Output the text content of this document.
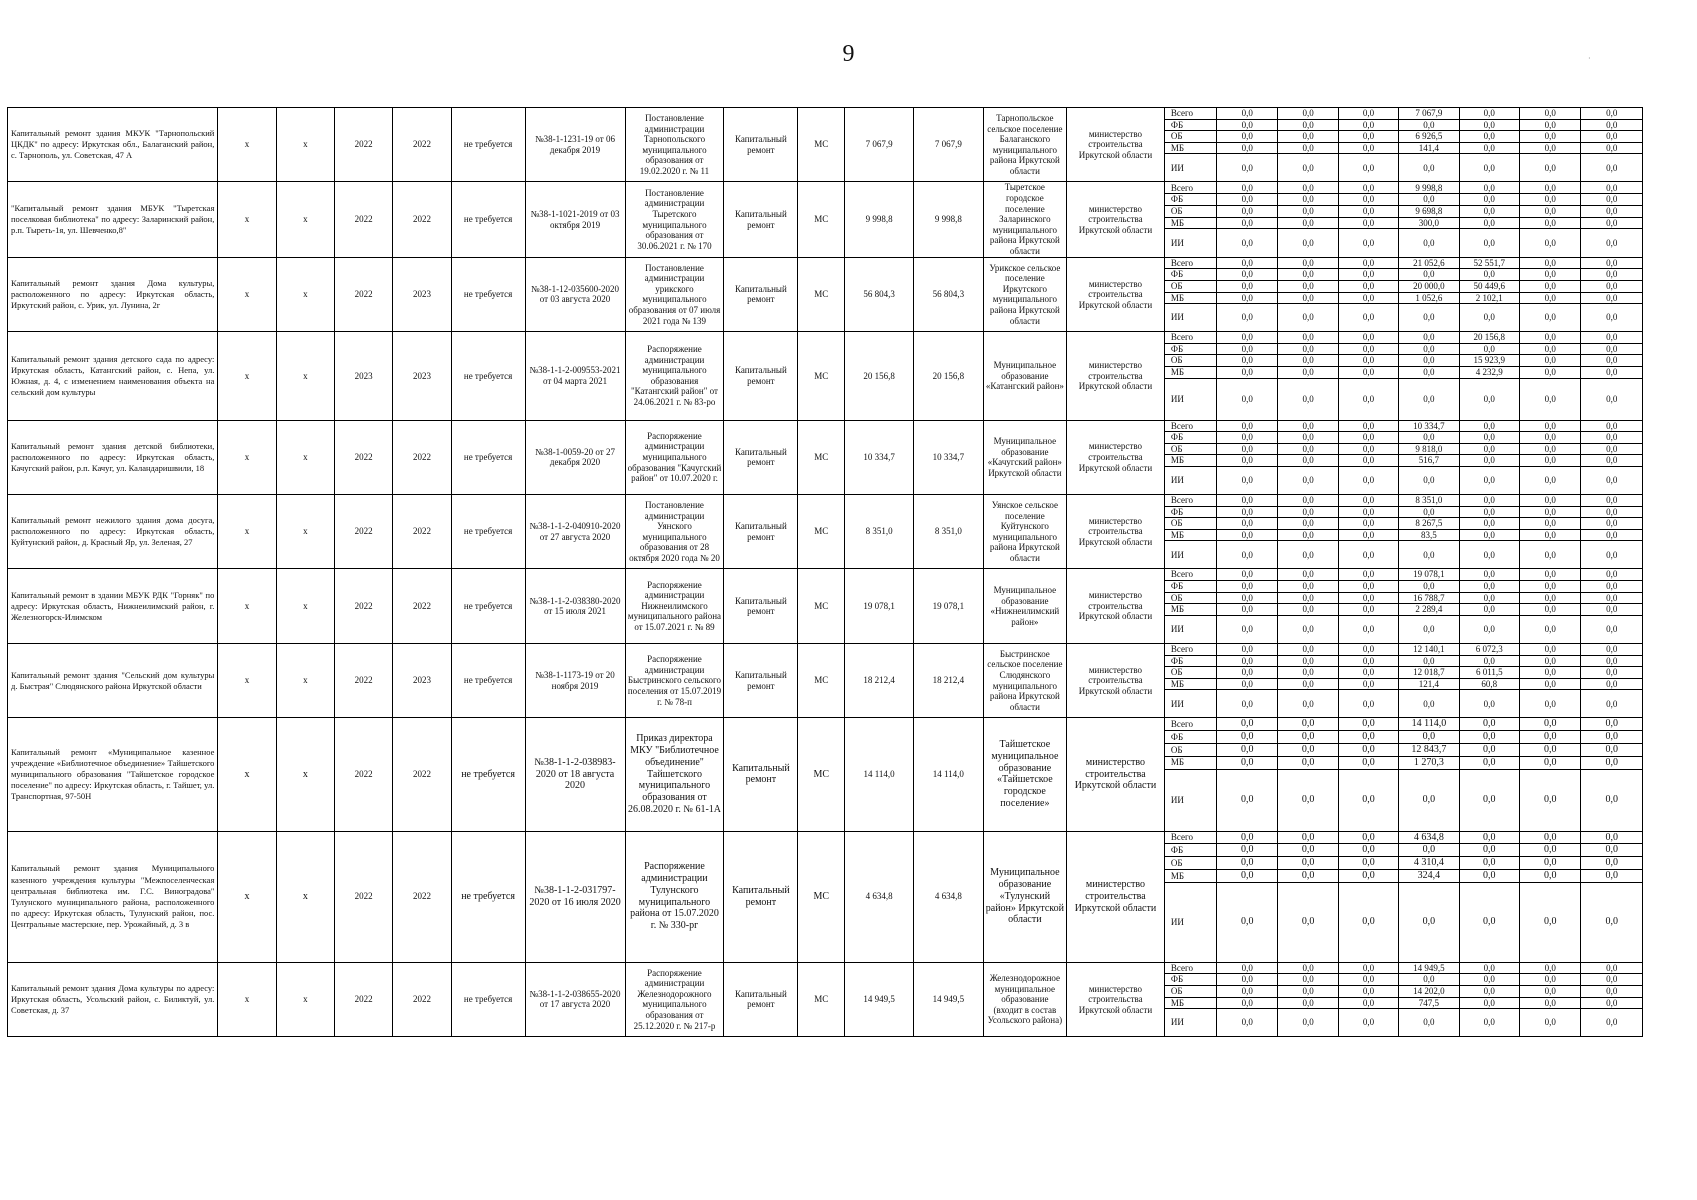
9	·
Капитальный ремонт здания МКУК "Тарнопольский ЦКДК" по адресу: Иркутская обл., Балаганский район, с. Тарнополь, ул. Советская, 47 А	x	x	2022	2022	не требуется	№38-1-1231-19 от 06 декабря 2019	Постановление администрации Тарнопольского муниципального образования от 19.02.2020 г. № 11	Капитальный ремонт	МС	7 067,9	7 067,9	Тарнопольское сельское поселение Балаганского муниципального района Иркутской области	министерство строительства Иркутской области	Всего	0,0	0,0	0,0	7 067,9	0,0	0,0	0,0
														ФБ	0,0	0,0	0,0	0,0	0,0	0,0	0,0
														ОБ	0,0	0,0	0,0	6 926,5	0,0	0,0	0,0
														МБ	0,0	0,0	0,0	141,4	0,0	0,0	0,0
														ИИ	0,0	0,0	0,0	0,0	0,0	0,0	0,0
"Капитальный ремонт здания МБУК "Тыретская поселковая библиотека" по адресу: Заларинский район, р.п. Тыреть-1я, ул. Шевченко,8"	x	x	2022	2022	не требуется	№38-1-1021-2019 от 03 октября 2019	Постановление администрации Тыретского муниципального образования от 30.06.2021 г. № 170	Капитальный ремонт	МС	9 998,8	9 998,8	Тыретское городское поселение Заларинского муниципального района Иркутской области	министерство строительства Иркутской области	Всего	0,0	0,0	0,0	9 998,8	0,0	0,0	0,0
														ФБ	0,0	0,0	0,0	0,0	0,0	0,0	0,0
														ОБ	0,0	0,0	0,0	9 698,8	0,0	0,0	0,0
														МБ	0,0	0,0	0,0	300,0	0,0	0,0	0,0
														ИИ	0,0	0,0	0,0	0,0	0,0	0,0	0,0
Капитальный ремонт здания Дома культуры, расположенного по адресу: Иркутская область, Иркутский район, с. Урик, ул. Лунина, 2г	x	x	2022	2023	не требуется	№38-1-12-035600-2020 от 03 августа 2020	Постановление администрации урикского муниципального образования от 07 июля 2021 года № 139	Капитальный ремонт	МС	56 804,3	56 804,3	Урикское сельское поселение Иркутского муниципального района Иркутской области	министерство строительства Иркутской области	Всего	0,0	0,0	0,0	21 052,6	52 551,7	0,0	0,0
														ФБ	0,0	0,0	0,0	0,0	0,0	0,0	0,0
														ОБ	0,0	0,0	0,0	20 000,0	50 449,6	0,0	0,0
														МБ	0,0	0,0	0,0	1 052,6	2 102,1	0,0	0,0
														ИИ	0,0	0,0	0,0	0,0	0,0	0,0	0,0
Капитальный ремонт здания детского сада по адресу: Иркутская область, Катангский район, с. Непа, ул. Южная, д. 4, с изменением наименования объекта на сельский дом культуры	x	x	2023	2023	не требуется	№38-1-1-2-009553-2021 от 04 марта 2021	Распоряжение администрации муниципального образования "Катангский район" от 24.06.2021 г. № 83-ро	Капитальный ремонт	МС	20 156,8	20 156,8	Муниципальное образование «Катангский район»	министерство строительства Иркутской области	Всего	0,0	0,0	0,0	0,0	20 156,8	0,0	0,0
														ФБ	0,0	0,0	0,0	0,0	0,0	0,0	0,0
														ОБ	0,0	0,0	0,0	0,0	15 923,9	0,0	0,0
														МБ	0,0	0,0	0,0	0,0	4 232,9	0,0	0,0
														ИИ	0,0	0,0	0,0	0,0	0,0	0,0	0,0
Капитальный ремонт здания детской библиотеки, расположенного по адресу: Иркутская область, Качугский район, р.п. Качуг, ул. Каландаришвили, 18	x	x	2022	2022	не требуется	№38-1-0059-20 от 27 декабря 2020	Распоряжение администрации муниципального образования "Качугский район" от 10.07.2020 г.	Капитальный ремонт	МС	10 334,7	10 334,7	Муниципальное образование «Качугский район» Иркутской области	министерство строительства Иркутской области	Всего	0,0	0,0	0,0	10 334,7	0,0	0,0	0,0
														ФБ	0,0	0,0	0,0	0,0	0,0	0,0	0,0
														ОБ	0,0	0,0	0,0	9 818,0	0,0	0,0	0,0
														МБ	0,0	0,0	0,0	516,7	0,0	0,0	0,0
														ИИ	0,0	0,0	0,0	0,0	0,0	0,0	0,0
Капитальный ремонт нежилого здания дома досуга, расположенного по адресу: Иркутская область, Куйтунский район, д. Красный Яр, ул. Зеленая, 27	x	x	2022	2022	не требуется	№38-1-1-2-040910-2020 от 27 августа 2020	Постановление администрации Уянского муниципального образования от 28 октября 2020 года № 20	Капитальный ремонт	МС	8 351,0	8 351,0	Уянское сельское поселение Куйтунского муниципального района Иркутской области	министерство строительства Иркутской области	Всего	0,0	0,0	0,0	8 351,0	0,0	0,0	0,0
														ФБ	0,0	0,0	0,0	0,0	0,0	0,0	0,0
														ОБ	0,0	0,0	0,0	8 267,5	0,0	0,0	0,0
														МБ	0,0	0,0	0,0	83,5	0,0	0,0	0,0
														ИИ	0,0	0,0	0,0	0,0	0,0	0,0	0,0
Капитальный ремонт в здании МБУК РДК "Горняк" по адресу: Иркутская область, Нижнеилимский район, г. Железногорск-Илимском	x	x	2022	2022	не требуется	№38-1-1-2-038380-2020 от 15 июля 2021	Распоряжение администрации Нижнеилимского муниципального района от 15.07.2021 г. № 89	Капитальный ремонт	МС	19 078,1	19 078,1	Муниципальное образование «Нижнеилимский район»	министерство строительства Иркутской области	Всего	0,0	0,0	0,0	19 078,1	0,0	0,0	0,0
														ФБ	0,0	0,0	0,0	0,0	0,0	0,0	0,0
														ОБ	0,0	0,0	0,0	16 788,7	0,0	0,0	0,0
														МБ	0,0	0,0	0,0	2 289,4	0,0	0,0	0,0
														ИИ	0,0	0,0	0,0	0,0	0,0	0,0	0,0
Капитальный ремонт здания "Сельский дом культуры д. Быстрая" Слюдянского района Иркутской области	x	x	2022	2023	не требуется	№38-1-1173-19 от 20 ноября 2019	Распоряжение администрации Быстринского сельского поселения от 15.07.2019 г. № 78-п	Капитальный ремонт	МС	18 212,4	18 212,4	Быстринское сельское поселение Слюдянского муниципального района Иркутской области	министерство строительства Иркутской области	Всего	0,0	0,0	0,0	12 140,1	6 072,3	0,0	0,0
														ФБ	0,0	0,0	0,0	0,0	0,0	0,0	0,0
														ОБ	0,0	0,0	0,0	12 018,7	6 011,5	0,0	0,0
														МБ	0,0	0,0	0,0	121,4	60,8	0,0	0,0
														ИИ	0,0	0,0	0,0	0,0	0,0	0,0	0,0
Капитальный ремонт «Муниципальное казенное учреждение «Библиотечное объединение» Тайшетского муниципального образования "Тайшетское городское поселение" по адресу: Иркутская область, г. Тайшет, ул. Транспортная, 97-50Н	x	x	2022	2022	не требуется	№38-1-1-2-038983-2020 от 18 августа 2020	Приказ директора МКУ "Библиотечное объединение" Тайшетского муниципального образования от 26.08.2020 г. № 61-1А	Капитальный ремонт	МС	14 114,0	14 114,0	Тайшетское муниципальное образование «Тайшетское городское поселение»	министерство строительства Иркутской области	Всего	0,0	0,0	0,0	14 114,0	0,0	0,0	0,0
														ФБ	0,0	0,0	0,0	0,0	0,0	0,0	0,0
														ОБ	0,0	0,0	0,0	12 843,7	0,0	0,0	0,0
														МБ	0,0	0,0	0,0	1 270,3	0,0	0,0	0,0
														ИИ	0,0	0,0	0,0	0,0	0,0	0,0	0,0
Капитальный ремонт здания Муниципального казенного учреждения культуры "Межпоселенческая центральная библиотека им. Г.С. Виноградова" Тулунского муниципального района, расположенного по адресу: Иркутская область, Тулунский район, пос. Центральные мастерские, пер. Урожайный, д. 3 в	x	x	2022	2022	не требуется	№38-1-1-2-031797-2020 от 16 июля 2020	Распоряжение администрации Тулунского муниципального района от 15.07.2020 г. № 330-рг	Капитальный ремонт	МС	4 634,8	4 634,8	Муниципальное образование «Тулунский район» Иркутской области	министерство строительства Иркутской области	Всего	0,0	0,0	0,0	4 634,8	0,0	0,0	0,0
														ФБ	0,0	0,0	0,0	0,0	0,0	0,0	0,0
														ОБ	0,0	0,0	0,0	4 310,4	0,0	0,0	0,0
														МБ	0,0	0,0	0,0	324,4	0,0	0,0	0,0
														ИИ	0,0	0,0	0,0	0,0	0,0	0,0	0,0
Капитальный ремонт здания Дома культуры по адресу: Иркутская область, Усольский район, с. Биликтуй, ул. Советская, д. 37	x	x	2022	2022	не требуется	№38-1-1-2-038655-2020 от 17 августа 2020	Распоряжение администрации Железнодорожного муниципального образования от 25.12.2020 г. № 217-р	Капитальный ремонт	МС	14 949,5	14 949,5	Железнодорожное муниципальное образование (входит в состав Усольского района)	министерство строительства Иркутской области	Всего	0,0	0,0	0,0	14 949,5	0,0	0,0	0,0
														ФБ	0,0	0,0	0,0	0,0	0,0	0,0	0,0
														ОБ	0,0	0,0	0,0	14 202,0	0,0	0,0	0,0
														МБ	0,0	0,0	0,0	747,5	0,0	0,0	0,0
														ИИ	0,0	0,0	0,0	0,0	0,0	0,0	0,0
